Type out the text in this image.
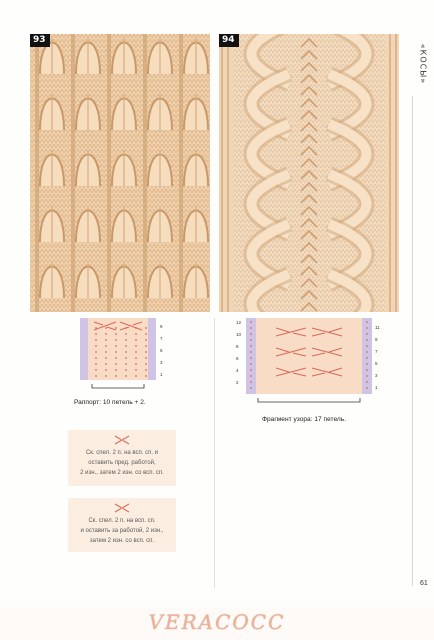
93	94
«КОСЫ»
9
7
5
3
1
Раппорт: 10 петель + 2.
12
10
8
6
4
2
11
9
7
5
3
1
Фрагмент узора: 17 петель.
Ск. спел. 2 п. на всп. сп. и
оставить пред. работой,
2 изн., затем 2 изн. со всп. сп.
Ск. спел. 2 п. на всп. сп.
и оставить за работой, 2 изн.,
затем 2 изн. со всп. сп.
61
VERACOCC
